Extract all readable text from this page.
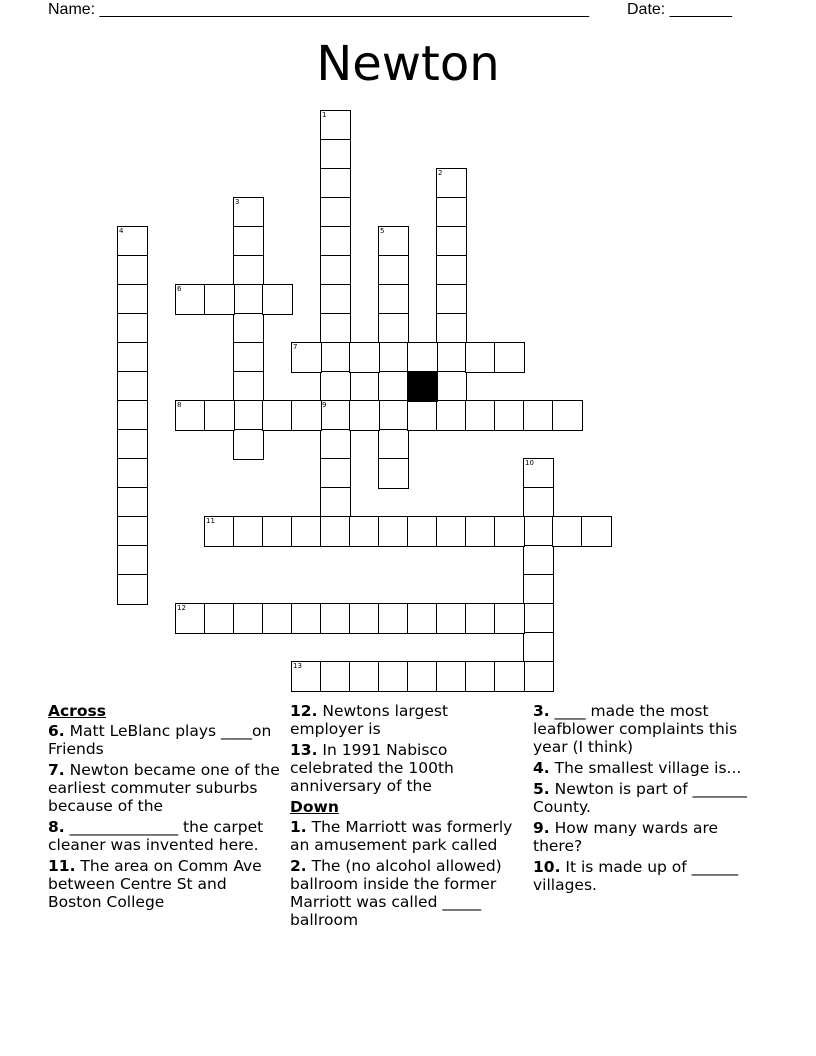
Name: _______________________________________________________ Date: _______
Newton
1
9
2
3
4	5
6
7
8
10
11
12
13
Across
6. Matt LeBlanc plays ____on Friends
7. Newton became one of the earliest commuter suburbs because of the
8. ______________ the carpet cleaner was invented here.
11. The area on Comm Ave between Centre St and Boston College
12. Newtons largest employer is
13. In 1991 Nabisco celebrated the 100th anniversary of the
Down
1. The Marriott was formerly an amusement park called
2. The (no alcohol allowed) ballroom inside the former Marriott was called _____ ballroom
3. ____ made the most leafblower complaints this year (I think)
4. The smallest village is...
5. Newton is part of _______ County.
9. How many wards are there?
10. It is made up of ______ villages.
